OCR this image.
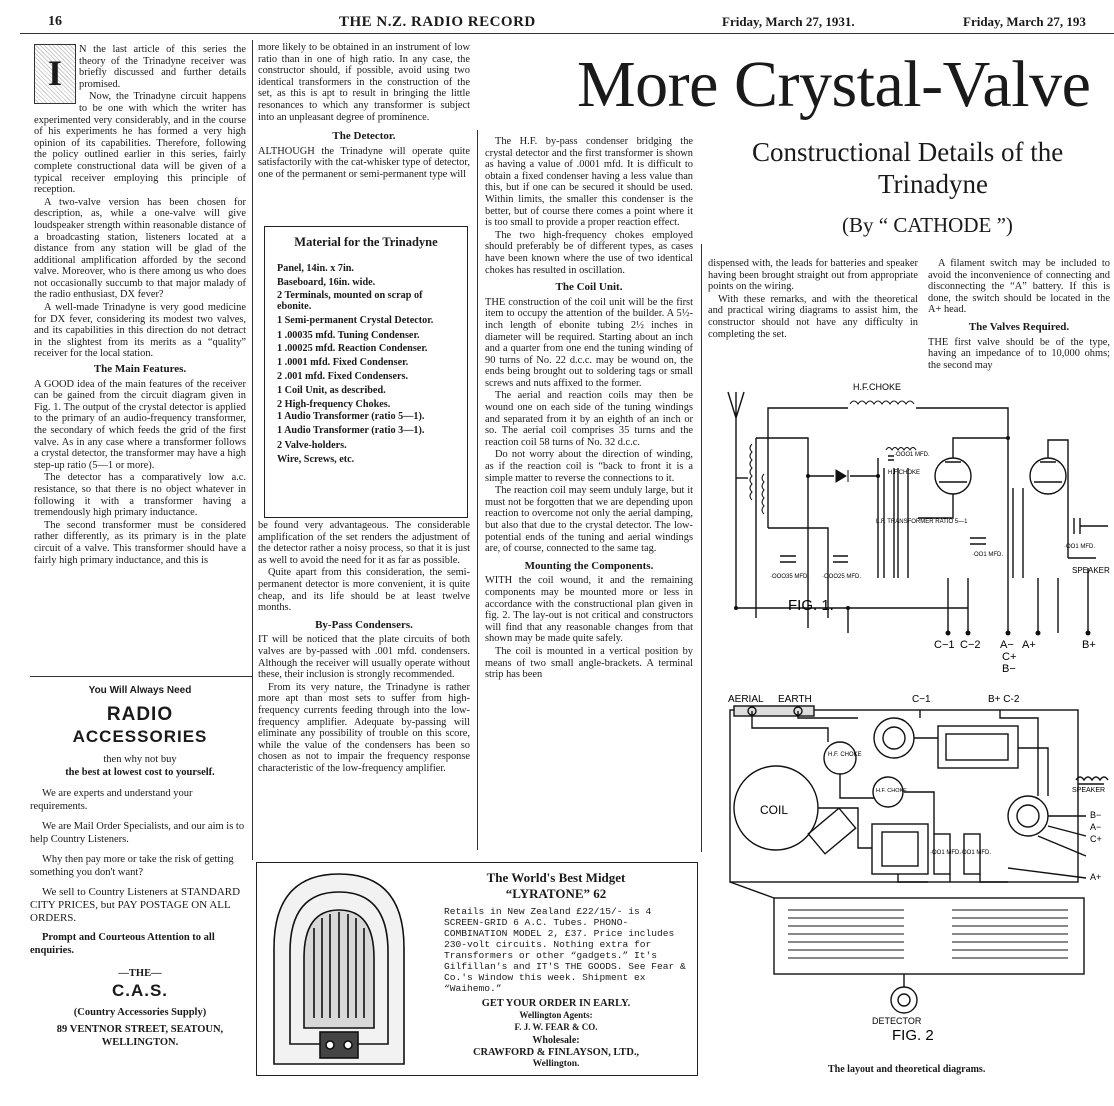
16	THE N.Z. RADIO RECORD	Friday, March 27, 1931.	Friday, March 27, 193
I

N the last article of this series the theory of the Trinadyne receiver was briefly discussed and further details promised.

Now, the Trinadyne circuit happens to be one with which the writer has experimented very considerably, and in the course of his experiments he has formed a very high opinion of its capabilities. Therefore, following the policy outlined earlier in this series, fairly complete constructional data will be given of a typical receiver employing this principle of reception.

A two-valve version has been chosen for description, as, while a one-valve will give loudspeaker strength within reasonable distance of a broadcasting station, listeners located at a distance from any station will be glad of the additional amplification afforded by the second valve. Moreover, who is there among us who does not occasionally succumb to that major malady of the radio enthusiast, DX fever?

A well-made Trinadyne is very good medicine for DX fever, considering its modest two valves, and its capabilities in this direction do not detract in the slightest from its merits as a “quality” receiver for the local station.

The Main Features.

A GOOD idea of the main features of the receiver can be gained from the circuit diagram given in Fig. 1. The output of the crystal detector is applied to the primary of an audio-frequency transformer, the secondary of which feeds the grid of the first valve. As in any case where a transformer follows a crystal detector, the transformer may have a high step-up ratio (5—1 or more).

The detector has a comparatively low a.c. resistance, so that there is no object whatever in following it with a transformer having a tremendously high primary inductance.

The second transformer must be considered rather differently, as its primary is in the plate circuit of a valve. This transformer should have a fairly high primary inductance, and this is

You Will Always Need

RADIO

ACCESSORIES

then why not buy

the best at lowest cost to yourself.

We are experts and understand your requirements.

We are Mail Order Specialists, and our aim is to help Country Listeners.

Why then pay more or take the risk of getting something you don't want?

We sell to Country Listeners at STANDARD CITY PRICES, but PAY POSTAGE ON ALL ORDERS.

Prompt and Courteous Attention to all enquiries.

—THE—

C.A.S.

(Country Accessories Supply)

89 VENTNOR STREET, SEATOUN,

WELLINGTON.

more likely to be obtained in an instrument of low ratio than in one of high ratio. In any case, the constructor should, if possible, avoid using two identical transformers in the construction of the set, as this is apt to result in bringing the little resonances to which any transformer is subject into an unpleasant degree of prominence.

The Detector.

ALTHOUGH the Trinadyne will operate quite satisfactorily with the cat-whisker type of detector, one of the permanent or semi-permanent type will

Material for the Trinadyne
Panel, 14in. x 7in.
Baseboard, 16in. wide.
2 Terminals, mounted on scrap of ebonite.
1 Semi-permanent Crystal Detector.
1 .00035 mfd. Tuning Condenser.
1 .00025 mfd. Reaction Condenser.
1 .0001 mfd. Fixed Condenser.
2 .001 mfd. Fixed Condensers.
1 Coil Unit, as described.
2 High-frequency Chokes.
1 Audio Transformer (ratio 5—1).
1 Audio Transformer (ratio 3—1).
2 Valve-holders.
Wire, Screws, etc.

be found very advantageous. The considerable amplification of the set renders the adjustment of the detector rather a noisy process, so that it is just as well to avoid the need for it as far as possible.

Quite apart from this consideration, the semi-permanent detector is more convenient, it is quite cheap, and its life should be at least twelve months.

By-Pass Condensers.

IT will be noticed that the plate circuits of both valves are by-passed with .001 mfd. condensers. Although the receiver will usually operate without these, their inclusion is strongly recommended.

From its very nature, the Trinadyne is rather more apt than most sets to suffer from high-frequency currents feeding through into the low-frequency amplifier. Adequate by-passing will eliminate any possibility of trouble on this score, while the value of the condensers has been so chosen as not to impair the frequency response characteristic of the low-frequency amplifier.

More Crystal-Valve
Constructional Details of the
Trinadyne
(By “ CATHODE ”)

The H.F. by-pass condenser bridging the crystal detector and the first transformer is shown as having a value of .0001 mfd. It is difficult to obtain a fixed condenser having a less value than this, but if one can be secured it should be used. Within limits, the smaller this condenser is the better, but of course there comes a point where it is too small to provide a proper reaction effect.

The two high-frequency chokes employed should preferably be of different types, as cases have been known where the use of two identical chokes has resulted in oscillation.

The Coil Unit.

THE construction of the coil unit will be the first item to occupy the attention of the builder. A 5½-inch length of ebonite tubing 2½ inches in diameter will be required. Starting about an inch and a quarter from one end the tuning winding of 90 turns of No. 22 d.c.c. may be wound on, the ends being brought out to soldering tags or small screws and nuts affixed to the former.

The aerial and reaction coils may then be wound one on each side of the tuning windings and separated from it by an eighth of an inch or so. The aerial coil comprises 35 turns and the reaction coil 58 turns of No. 32 d.c.c.

Do not worry about the direction of winding, as if the reaction coil is “back to front it is a simple matter to reverse the connections to it.

The reaction coil may seem unduly large, but it must not be forgotten that we are depending upon reaction to overcome not only the aerial damping, but also that due to the crystal detector. The low-potential ends of the tuning and aerial windings are, of course, connected to the same tag.

Mounting the Components.

WITH the coil wound, it and the remaining components may be mounted more or less in accordance with the constructional plan given in fig. 2. The lay-out is not critical and constructors will find that any reasonable changes from that shown may be made quite safely.

The coil is mounted in a vertical position by means of two small angle-brackets. A terminal strip has been

dispensed with, the leads for batteries and speaker having been brought straight out from appropriate points on the wiring.

With these remarks, and with the theoretical and practical wiring diagrams to assist him, the constructor should not have any difficulty in completing the set.

A filament switch may be included to avoid the inconvenience of connecting and disconnecting the “A” battery. If this is done, the switch should be located in the A+ head.

The Valves Required.

THE first valve should be of the type, having an impedance of to 10,000 ohms; the second may

H.F.CHOKE
·OOO1 MFD.
H.F.CHOKE
L.F. TRANSFORMER RATIO 5—1
·OOO35 MFD. ·OOO25 MFD.
·OO1 MFD.
·OO1 MFD.
SPEAKER
FIG. 1.
C−1 C−2 A− A+
C+
B−
B+
AERIAL EARTH	C−1	B+ C-2
COIL
H.F. CHOKE
H.F. CHOKE
·OO1 MFD. ·OO1 MFD.
SPEAKER
B−
A−
C+
A+
DETECTOR
FIG. 2
The layout and theoretical diagrams.

The World's Best Midget

“LYRATONE” 62

Retails in New Zealand £22/15/- is 4 SCREEN-GRID 6 A.C. Tubes. PHONO-COMBINATION MODEL 2, £37. Price includes 230-volt circuits. Nothing extra for Transformers or other “gadgets.” It's Gilfillan's and IT'S THE GOODS. See Fear & Co.'s Window this week. Shipment ex “Waihemo.”

GET YOUR ORDER IN EARLY.

Wellington Agents:

F. J. W. FEAR & CO.

Wholesale:

CRAWFORD & FINLAYSON, LTD.,

Wellington.
